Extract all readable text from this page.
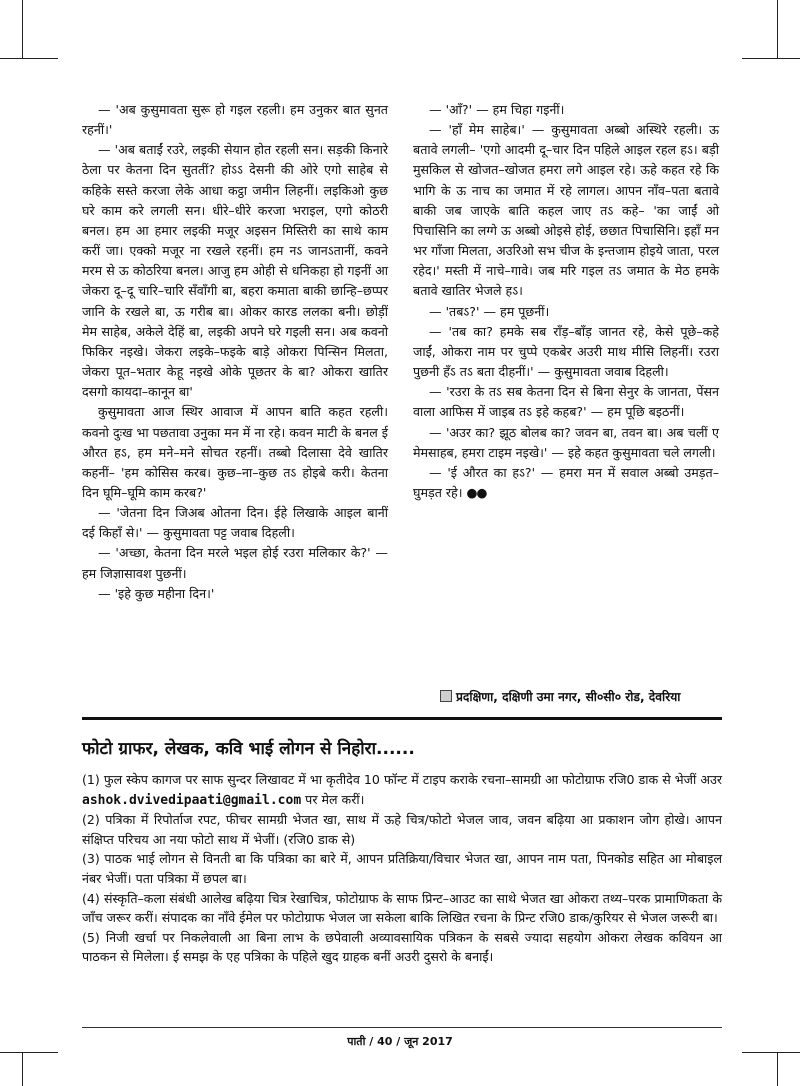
— 'अब कुसुमावता सुरू हो गइल रहली। हम उनुकर बात सुनत रहनीं।'

— 'अब बताईं रउरे, लइकी सेयान होत रहली सन। सड़की किनारे ठेला पर केतना दिन सुततीं? होऽऽ देसनी की ओरे एगो साहेब से कहिके सस्ते करजा लेके आधा कट्ठा जमीन लिहनीं। लइकिओ कुछ घरे काम करे लगली सन। धीरे–धीरे करजा भराइल, एगो कोठरी बनल। हम आ हमार लइकी मजूर अइसन मिस्तिरी का साथे काम करीं जा। एक्को मजूर ना रखले रहनीं। हम नऽ जानऽतानीं, कवने मरम से ऊ कोठरिया बनल। आजु हम ओही से धनिकहा हो गइनीं आ जेकरा दू–दू चारि–चारि सँवाँगी बा, बहरा कमाता बाकी छान्हि–छप्पर जानि के रखले बा, ऊ गरीब बा। ओकर कारड ललका बनी। छोड़ीं मेम साहेब, अकेले देहिं बा, लइकी अपने घरे गइली सन। अब कवनो फिकिर नइखे। जेकरा लइके–फइके बाड़े ओकरा पिन्सिन मिलता, जेकरा पूत–भतार केहू नइखे ओके पूछतर के बा? ओकरा खातिर दसगो कायदा–कानून बा'

कुसुमावता आज स्थिर आवाज में आपन बाति कहत रहली। कवनो दुःख भा पछतावा उनुका मन में ना रहे। कवन माटी के बनल ई औरत हऽ, हम मने–मने सोचत रहनीं। तब्बो दिलासा देवे खातिर कहनीं– 'हम कोसिस करब। कुछ–ना–कुछ तऽ होइबे करी। केतना दिन घूमि–घूमि काम करब?'

— 'जेतना दिन जिअब ओतना दिन। ईहे लिखाके आइल बानीं दई किहाँ से।' — कुसुमावता पट्ट जवाब दिहली।

— 'अच्छा, केतना दिन मरले भइल होई रउरा मलिकार के?' — हम जिज्ञासावश पुछनीं।

— 'इहे कुछ महीना दिन।'

— 'आँ?' — हम चिहा गइनीं।

— 'हाँ मेम साहेब।' — कुसुमावता अब्बो अस्थिरे रहली। ऊ बतावे लगली– 'एगो आदमी दू–चार दिन पहिले आइल रहल हऽ। बड़ी मुसकिल से खोजत–खोजत हमरा लगे आइल रहे। ऊहे कहत रहे कि भागि के ऊ नाच का जमात में रहे लागल। आपन नाँव–पता बतावे बाकी जब जाएके बाति कहल जाए तऽ कहे– 'का जाईं ओ पिचासिनि का लग्गे ऊ अब्बो ओइसे होई, छछात पिचासिनि। इहाँ मन भर गाँजा मिलता, अउरिओ सभ चीज के इन्तजाम होइये जाता, परल रहेद।' मस्ती में नाचे–गावे। जब मरि गइल तऽ जमात के मेठ हमके बतावे खातिर भेजले हऽ।

— 'तबऽ?' — हम पूछनीं।

— 'तब का? हमके सब राँड़–बाँड़ जानत रहे, केसे पूछे–कहे जाईं, ओकरा नाम पर चुप्पे एकबेर अउरी माथ मीसि लिहनीं। रउरा पुछनी हँऽ तऽ बता दीहनीं।' — कुसुमावता जवाब दिहली।

— 'रउरा के तऽ सब केतना दिन से बिना सेनुर के जानता, पेंसन वाला आफिस में जाइब तऽ इहे कहब?' — हम पूछि बइठनीं।

— 'अउर का? झूठ बोलब का? जवन बा, तवन बा। अब चलीं ए मेमसाहब, हमरा टाइम नइखे।' — इहे कहत कुसुमावता चले लगली।

— 'ई औरत का हऽ?' — हमरा मन में सवाल अब्बो उमड़त–घुमड़त रहे। ●●

प्रदक्षिणा, दक्षिणी उमा नगर, सी०सी० रोड, देवरिया
फोटो ग्राफर, लेखक, कवि भाई लोगन से निहोरा......

(1) फुल स्केप कागज पर साफ सुन्दर लिखावट में भा कृतीदेव 10 फॉन्ट में टाइप कराके रचना–सामग्री आ फोटोग्राफ रजि0 डाक से भेजीं अउर ashok.dvivedipaati@gmail.com पर मेल करीं।

(2) पत्रिका में रिपोर्ताज रपट, फीचर सामग्री भेजत खा, साथ में ऊहे चित्र/फोटो भेजल जाव, जवन बढ़िया आ प्रकाशन जोग होखे। आपन संक्षिप्त परिचय आ नया फोटो साथ में भेजीं। (रजि0 डाक से)

(3) पाठक भाई लोगन से विनती बा कि पत्रिका का बारे में, आपन प्रतिक्रिया/विचार भेजत खा, आपन नाम पता, पिनकोड सहित आ मोबाइल नंबर भेजीं। पता पत्रिका में छपल बा।

(4) संस्कृति–कला संबंधी आलेख बढ़िया चित्र रेखाचित्र, फोटोग्राफ के साफ प्रिन्ट–आउट का साथे भेजत खा ओकरा तथ्य–परक प्रामाणिकता के जाँच जरूर करीं। संपादक का नाँवे ईमेल पर फोटोग्राफ भेजल जा सकेला बाकि लिखित रचना के प्रिन्ट रजि0 डाक/कुरियर से भेजल जरूरी बा।

(5) निजी खर्चा पर निकलेवाली आ बिना लाभ के छपेवाली अव्यावसायिक पत्रिकन के सबसे ज्यादा सहयोग ओकरा लेखक कवियन आ पाठकन से मिलेला। ई समझ के एह पत्रिका के पहिले खुद ग्राहक बनीं अउरी दुसरो के बनाईं।

पाती / 40 / जून 2017
